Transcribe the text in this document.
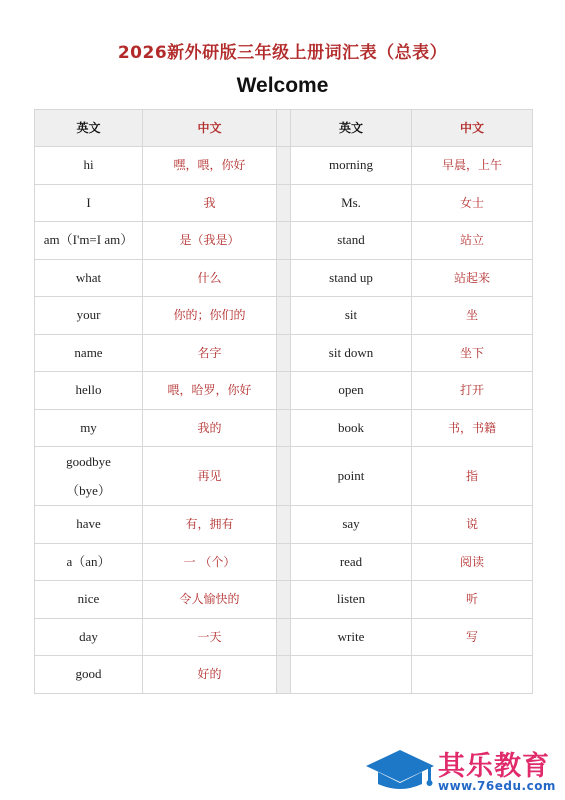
2026新外研版三年级上册词汇表（总表）
Welcome
英文	中文		英文	中文
hi	嘿，喂，你好		morning	早晨，上午
I	我		Ms.	女士
am（I'm=I am）	是（我是）		stand	站立
what	什么		stand up	站起来
your	你的；你们的		sit	坐
name	名字		sit down	坐下
hello	喂，哈罗，你好		open	打开
my	我的		book	书，书籍

goodbye
（bye）	再见		point	指
have	有，拥有		say	说
a（an）	一 （个）		read	阅读
nice	令人愉快的		listen	听
day	一天		write	写
good	好的			
其乐教育
www.76edu.com
